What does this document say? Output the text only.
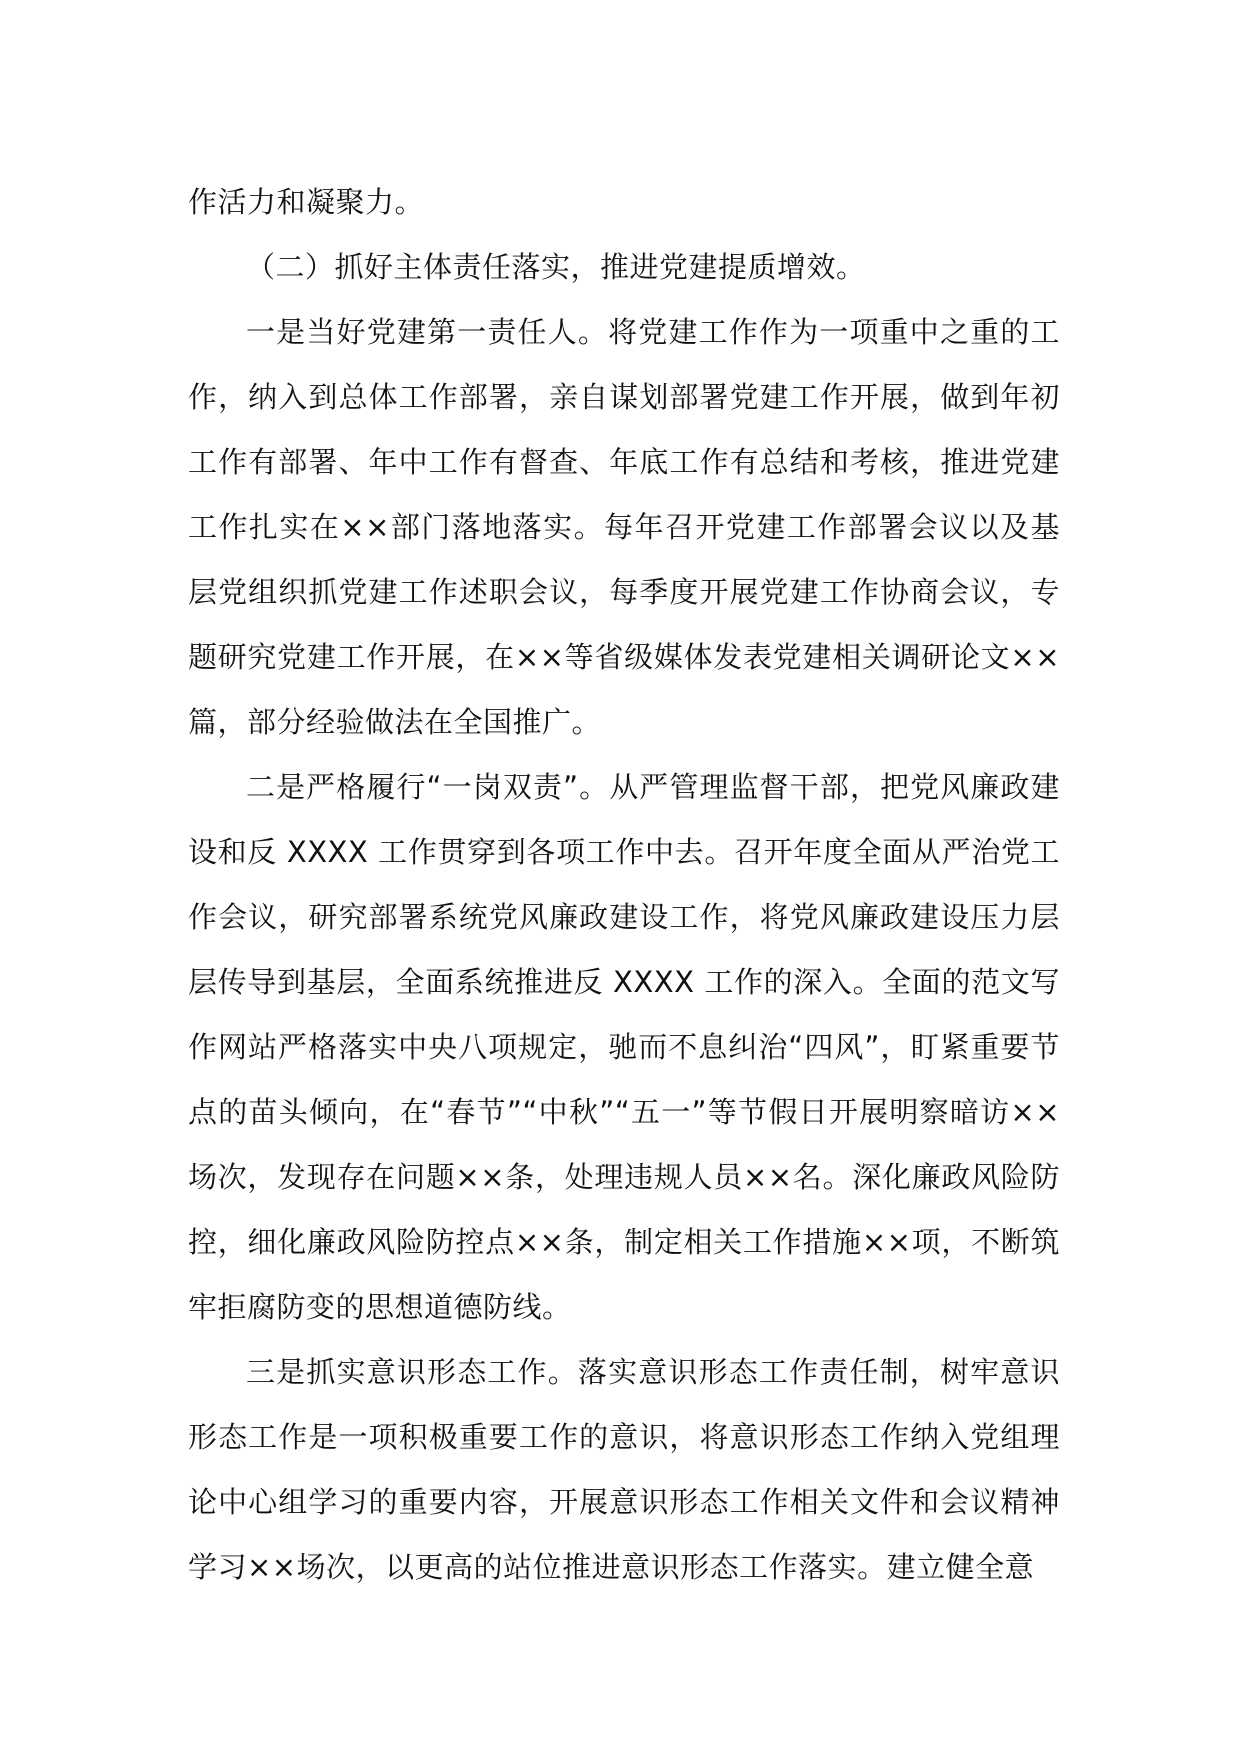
作活力和凝聚力。

（二）抓好主体责任落实，推进党建提质增效。

一是当好党建第一责任人。将党建工作作为一项重中之重的工作，纳入到总体工作部署，亲自谋划部署党建工作开展，做到年初工作有部署、年中工作有督查、年底工作有总结和考核，推进党建工作扎实在××部门落地落实。每年召开党建工作部署会议以及基层党组织抓党建工作述职会议，每季度开展党建工作协商会议，专题研究党建工作开展，在××等省级媒体发表党建相关调研论文××篇，部分经验做法在全国推广。

二是严格履行“一岗双责”。从严管理监督干部，把党风廉政建设和反 XXXX 工作贯穿到各项工作中去。召开年度全面从严治党工作会议，研究部署系统党风廉政建设工作，将党风廉政建设压力层层传导到基层，全面系统推进反 XXXX 工作的深入。全面的范文写作网站严格落实中央八项规定，驰而不息纠治“四风”，盯紧重要节点的苗头倾向，在“春节”“中秋”“五一”等节假日开展明察暗访××场次，发现存在问题××条，处理违规人员××名。深化廉政风险防控，细化廉政风险防控点××条，制定相关工作措施××项，不断筑牢拒腐防变的思想道德防线。

三是抓实意识形态工作。落实意识形态工作责任制，树牢意识形态工作是一项积极重要工作的意识，将意识形态工作纳入党组理论中心组学习的重要内容，开展意识形态工作相关文件和会议精神学习××场次，以更高的站位推进意识形态工作落实。建立健全意
